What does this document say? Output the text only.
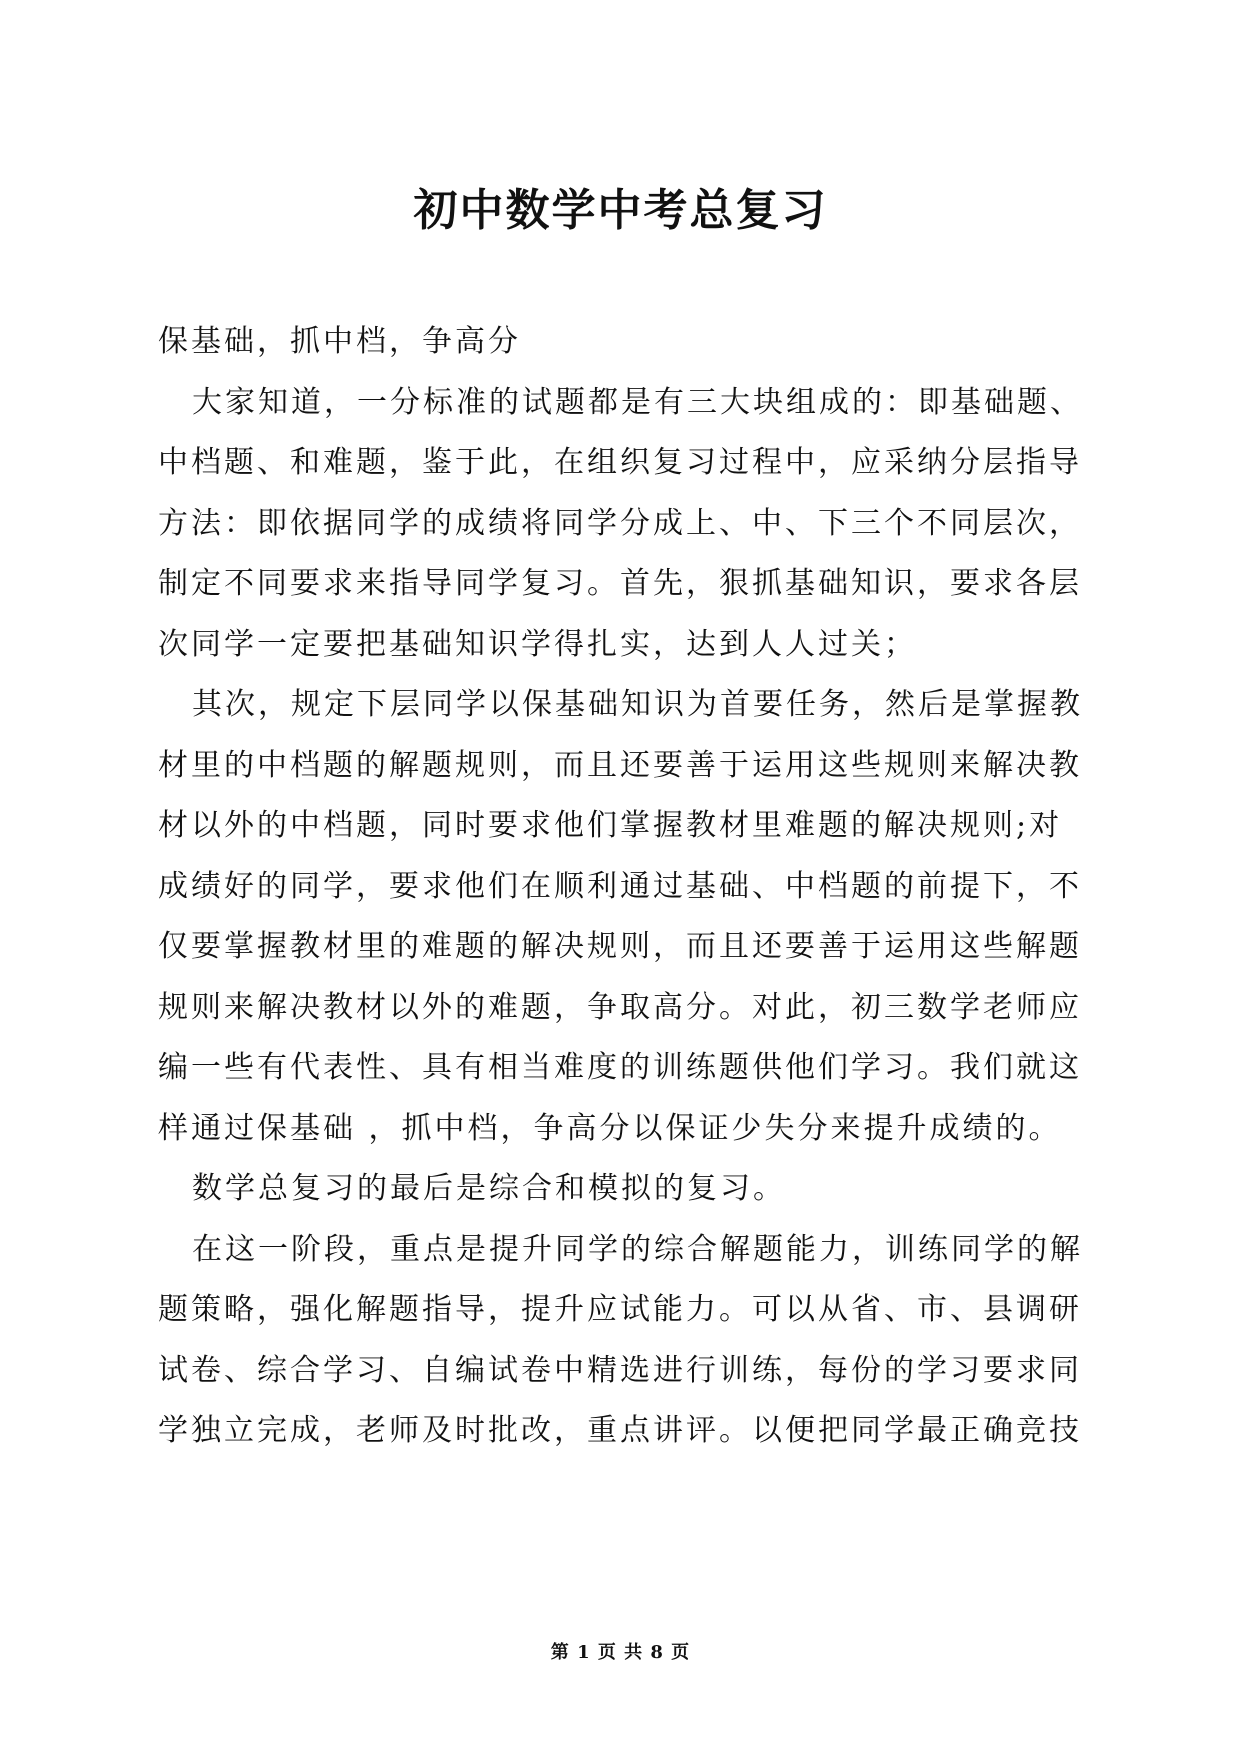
初中数学中考总复习

保基础，抓中档，争高分

大家知道，一分标准的试题都是有三大块组成的：即基础题、中档题、和难题，鉴于此，在组织复习过程中，应采纳分层指导方法：即依据同学的成绩将同学分成上、中、下三个不同层次，制定不同要求来指导同学复习。首先，狠抓基础知识，要求各层次同学一定要把基础知识学得扎实，达到人人过关；

其次，规定下层同学以保基础知识为首要任务，然后是掌握教材里的中档题的解题规则，而且还要善于运用这些规则来解决教材以外的中档题，同时要求他们掌握教材里难题的解决规则;对成绩好的同学，要求他们在顺利通过基础、中档题的前提下，不仅要掌握教材里的难题的解决规则，而且还要善于运用这些解题规则来解决教材以外的难题，争取高分。对此，初三数学老师应编一些有代表性、具有相当难度的训练题供他们学习。我们就这样通过保基础 ，抓中档，争高分以保证少失分来提升成绩的。

数学总复习的最后是综合和模拟的复习。

在这一阶段，重点是提升同学的综合解题能力，训练同学的解题策略，强化解题指导，提升应试能力。可以从省、市、县调研试卷、综合学习、自编试卷中精选进行训练，每份的学习要求同学独立完成，老师及时批改，重点讲评。以便把同学最正确竞技

第 1 页 共 8 页
